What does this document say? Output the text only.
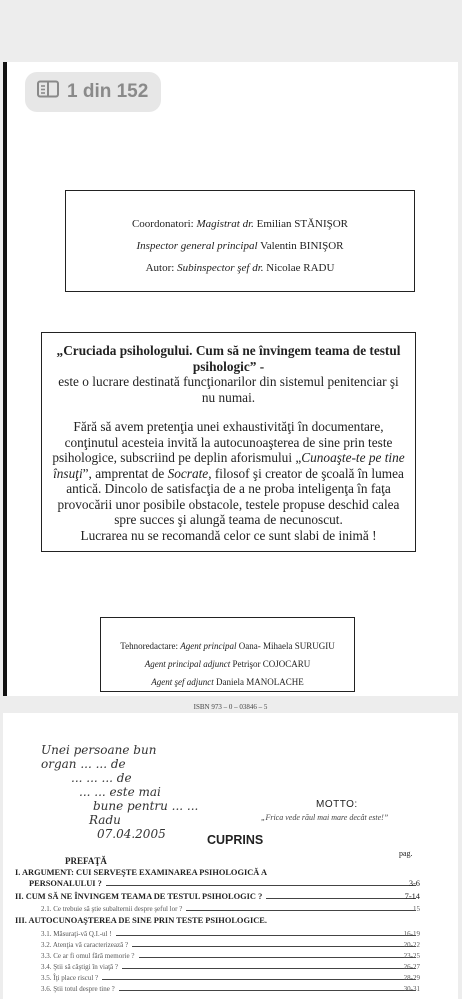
1 din 152
Coordonatori: Magistrat dr. Emilian STĂNIŞOR
Inspector general principal Valentin BINIŞOR
Autor: Subinspector şef dr. Nicolae RADU

„Cruciada psihologului. Cum să ne învingem teama de testul psihologic” -

este o lucrare destinată funcţionarilor din sistemul penitenciar şi nu numai.

Fără să avem pretenţia unei exhaustivităţi în documentare, conţinutul acesteia invită la autocunoaşterea de sine prin teste psihologice, subscriind pe deplin aforismului „Cunoaşte-te pe tine însuţi”, amprentat de Socrate, filosof şi creator de şcoală în lumea antică. Dincolo de satisfacţia de a ne proba inteligenţa în faţa provocării unor posibile obstacole, testele propuse deschid calea spre succes şi alungă teama de necunoscut.

Lucrarea nu se recomandă celor ce sunt slabi de inimă !

Tehnoredactare: Agent principal Oana- Mihaela SURUGIU
Agent principal adjunct Petrişor COJOCARU
Agent şef adjunct Daniela MANOLACHE
ISBN 973 – 0 – 03846 – 5
Unei persoane bun
organ ... ... de
... ... ... de
... ... este mai
bune pentru ... ...
Radu
07.04.2005
MOTTO:
„Frica vede răul mai mare decât este!”
CUPRINS
pag.
PREFAŢĂ
I. ARGUMENT: CUI SERVEŞTE EXAMINAREA PSIHOLOGICĂ A
PERSONALULUI ?	3-6
II. CUM SĂ NE ÎNVINGEM TEAMA DE TESTUL PSIHOLOGIC ?	7-14
2.1. Ce trebuie să ştie subalternii despre şeful lor ?	15
III. AUTOCUNOAŞTEREA DE SINE PRIN TESTE PSIHOLOGICE.
3.1. Măsuraţi-vă Q.I.-ul !	16-19
3.2. Atenţia vă caracterizează ?	20-22
3.3. Ce ar fi omul fără memorie ?	23-25
3.4. Ştii să câştigi în viaţă ?	26-27
3.5. Îţi place riscul ?	28-29
3.6. Ştii totul despre tine ?	30-31
